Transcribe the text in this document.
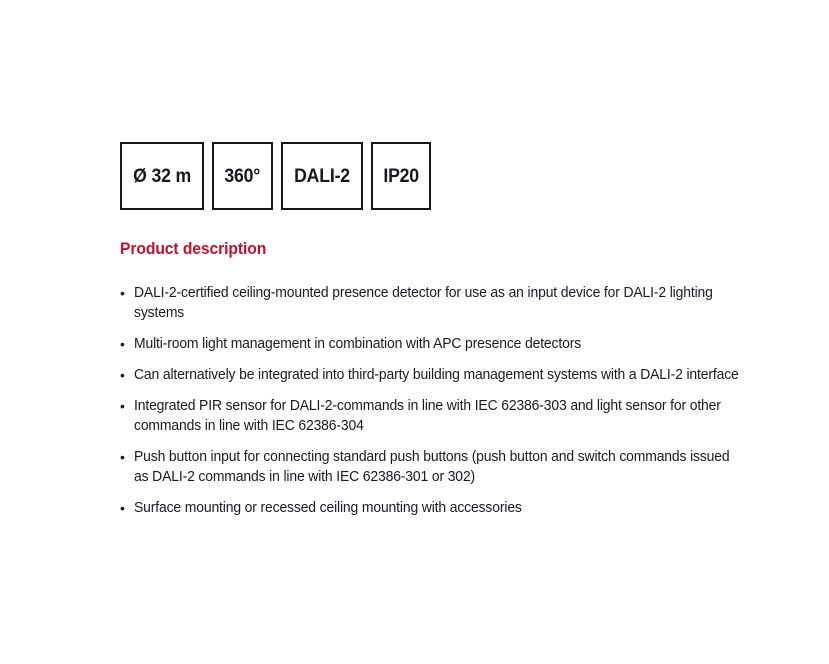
Ø 32 m 360° DALI-2 IP20
Product description
• DALI-2-certified ceiling-mounted presence detector for use as an input device for DALI-2 lighting systems
• Multi-room light management in combination with APC presence detectors
• Can alternatively be integrated into third-party building management systems with a DALI-2 interface
• Integrated PIR sensor for DALI-2-commands in line with IEC 62386-303 and light sensor for other commands in line with IEC 62386-304
• Push button input for connecting standard push buttons (push button and switch commands issued as DALI-2 commands in line with IEC 62386-301 or 302)
• Surface mounting or recessed ceiling mounting with accessories
